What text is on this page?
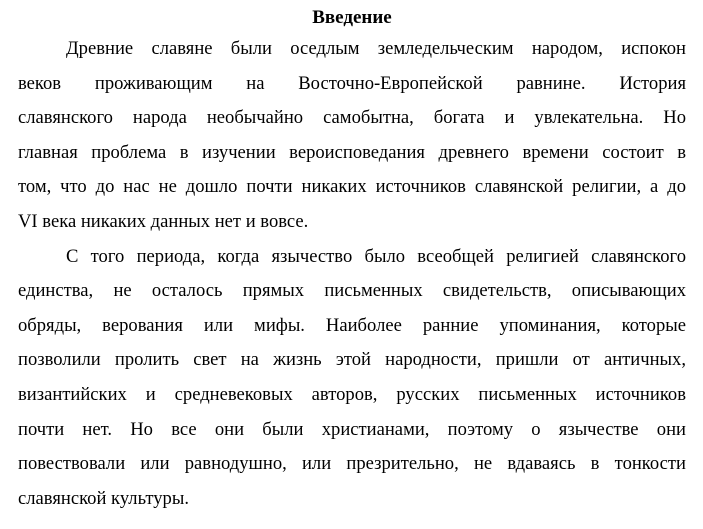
Введение
Древние славяне были оседлым земледельческим народом, испокон
веков проживающим на Восточно-Европейской равнине. История
славянского народа необычайно самобытна, богата и увлекательна. Но
главная проблема в изучении вероисповедания древнего времени состоит в
том, что до нас не дошло почти никаких источников славянской религии, а до
VI века никаких данных нет и вовсе.
С того периода, когда язычество было всеобщей религией славянского
единства, не осталось прямых письменных свидетельств, описывающих
обряды, верования или мифы. Наиболее ранние упоминания, которые
позволили пролить свет на жизнь этой народности, пришли от античных,
византийских и средневековых авторов, русских письменных источников
почти нет. Но все они были христианами, поэтому о язычестве они
повествовали или равнодушно, или презрительно, не вдаваясь в тонкости
славянской культуры.
